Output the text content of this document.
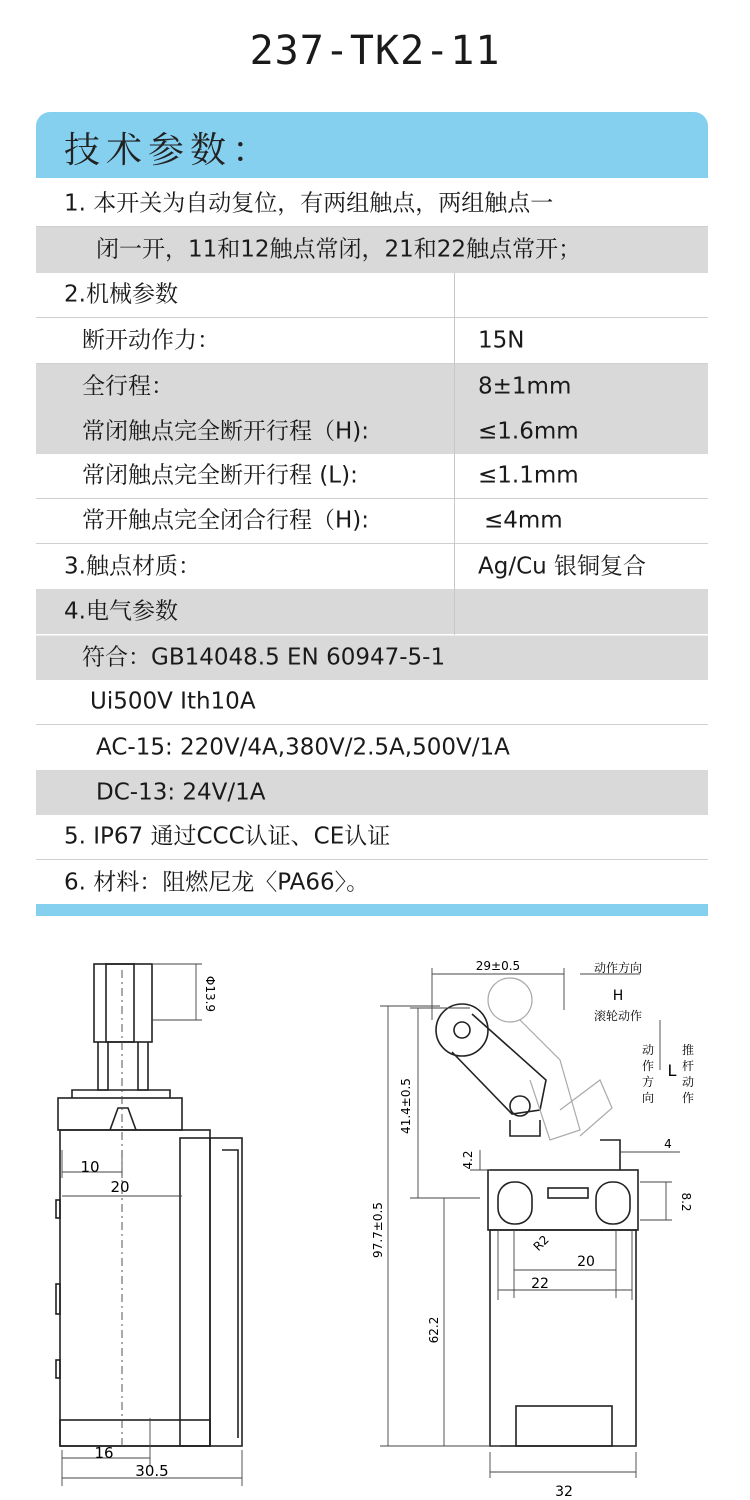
237-TK2-11
技术参数：
1. 本开关为自动复位，有两组触点，两组触点一
闭一开，11和12触点常闭，21和22触点常开；
2.机械参数
断开动作力：	15N
全行程：	8±1mm
常闭触点完全断开行程（H):	≤1.6mm
常闭触点完全断开行程 (L):	≤1.1mm
常开触点完全闭合行程（H):	≤4mm
3.触点材质：	Ag/Cu 银铜复合
4.电气参数
符合：GB14048.5 EN 60947-5-1
Ui500V Ith10A
AC-15: 220V/4A,380V/2.5A,500V/1A
DC-13: 24V/1A
5. IP67 通过CCC认证、CE认证
6. 材料：阻燃尼龙〈PA66〉。
Φ13.9
10
20
16
30.5
29±0.5	动作方向
H
滚轮动作
动
作
方
向
L
推
杆
动
作
41.4±0.5
4.2
4
8.2
97.7±0.5	R2
20
22
62.2
32
